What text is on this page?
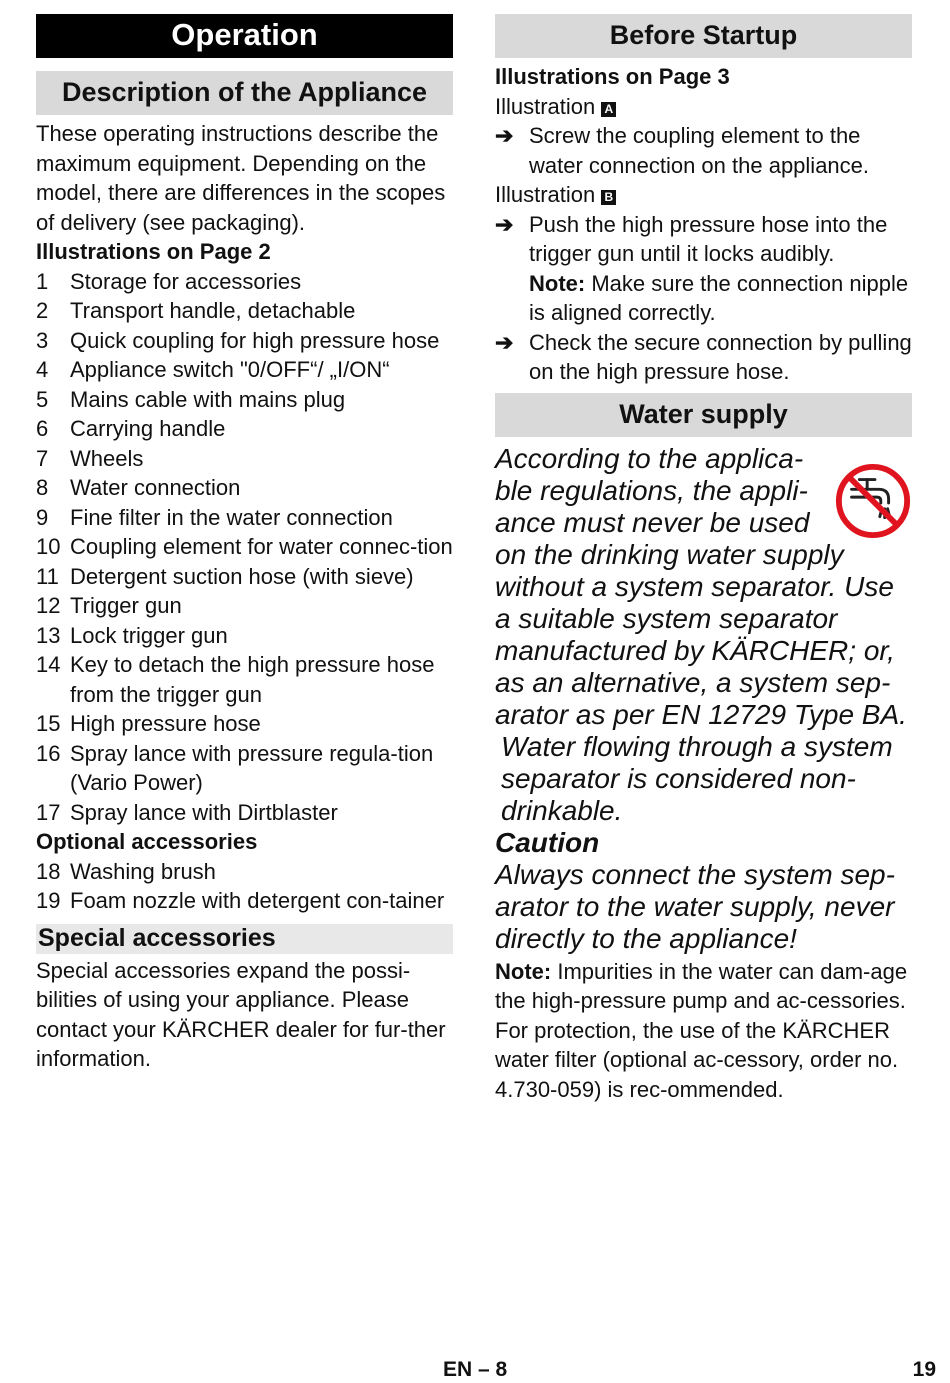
Operation
Description of the Appliance
These operating instructions describe the maximum equipment. Depending on the model, there are differences in the scopes of delivery (see packaging).
Illustrations on Page 2
1 Storage for accessories
2 Transport handle, detachable
3 Quick coupling for high pressure hose
4 Appliance switch "0/OFF“/ „I/ON“
5 Mains cable with mains plug
6 Carrying handle
7 Wheels
8 Water connection
9 Fine filter in the water connection
10 Coupling element for water connec-tion
11 Detergent suction hose (with sieve)
12 Trigger gun
13 Lock trigger gun
14 Key to detach the high pressure hose from the trigger gun
15 High pressure hose
16 Spray lance with pressure regula-tion (Vario Power)
17 Spray lance with Dirtblaster
Optional accessories
18 Washing brush
19 Foam nozzle with detergent con-tainer
Special accessories
Special accessories expand the possi-bilities of using your appliance. Please contact your KÄRCHER dealer for fur-ther information.
Before Startup
Illustrations on Page 3
Illustration A
➔ Screw the coupling element to the water connection on the appliance.
Illustration B
➔ Push the high pressure hose into the trigger gun until it locks audibly.
Note: Make sure the connection nipple is aligned correctly.
➔ Check the secure connection by pulling on the high pressure hose.
Water supply
According to the applica-ble regulations, the appli-ance must never be used
on the drinking water supply without a system separator. Use a suitable system separator manufactured by KÄRCHER; or, as an alternative, a system sep-arator as per EN 12729 Type BA.
Water flowing through a system separator is considered non-drinkable.
Caution
Always connect the system sep-arator to the water supply, never directly to the appliance!
Note: Impurities in the water can dam-age the high-pressure pump and ac-cessories. For protection, the use of the KÄRCHER water filter (optional ac-cessory, order no. 4.730-059) is rec-ommended.
EN – 8	19
